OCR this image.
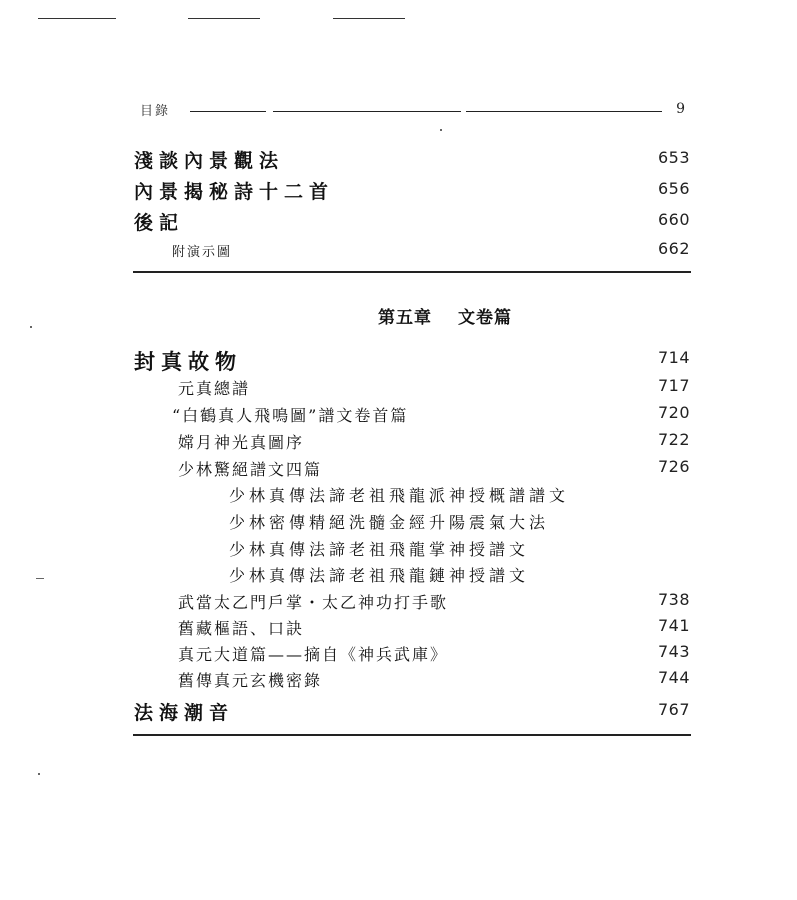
目錄	9
淺談內景觀法	653
內景揭秘詩十二首	656
後記	660
附演示圖	662
第五章 文卷篇
封真故物	714
元真總譜	717
“白鶴真人飛鳴圖”譜文卷首篇	720
嫦月神光真圖序	722
少林驚絕譜文四篇	726
少林真傳法諦老祖飛龍派神授概譜譜文
少林密傳精絕洗髓金經升陽震氣大法
少林真傳法諦老祖飛龍掌神授譜文
少林真傳法諦老祖飛龍鏈神授譜文
武當太乙門戶掌・太乙神功打手歌	738
舊藏樞語、口訣	741
真元大道篇——摘自《神兵武庫》	743
舊傳真元玄機密錄	744
法海潮音	767
